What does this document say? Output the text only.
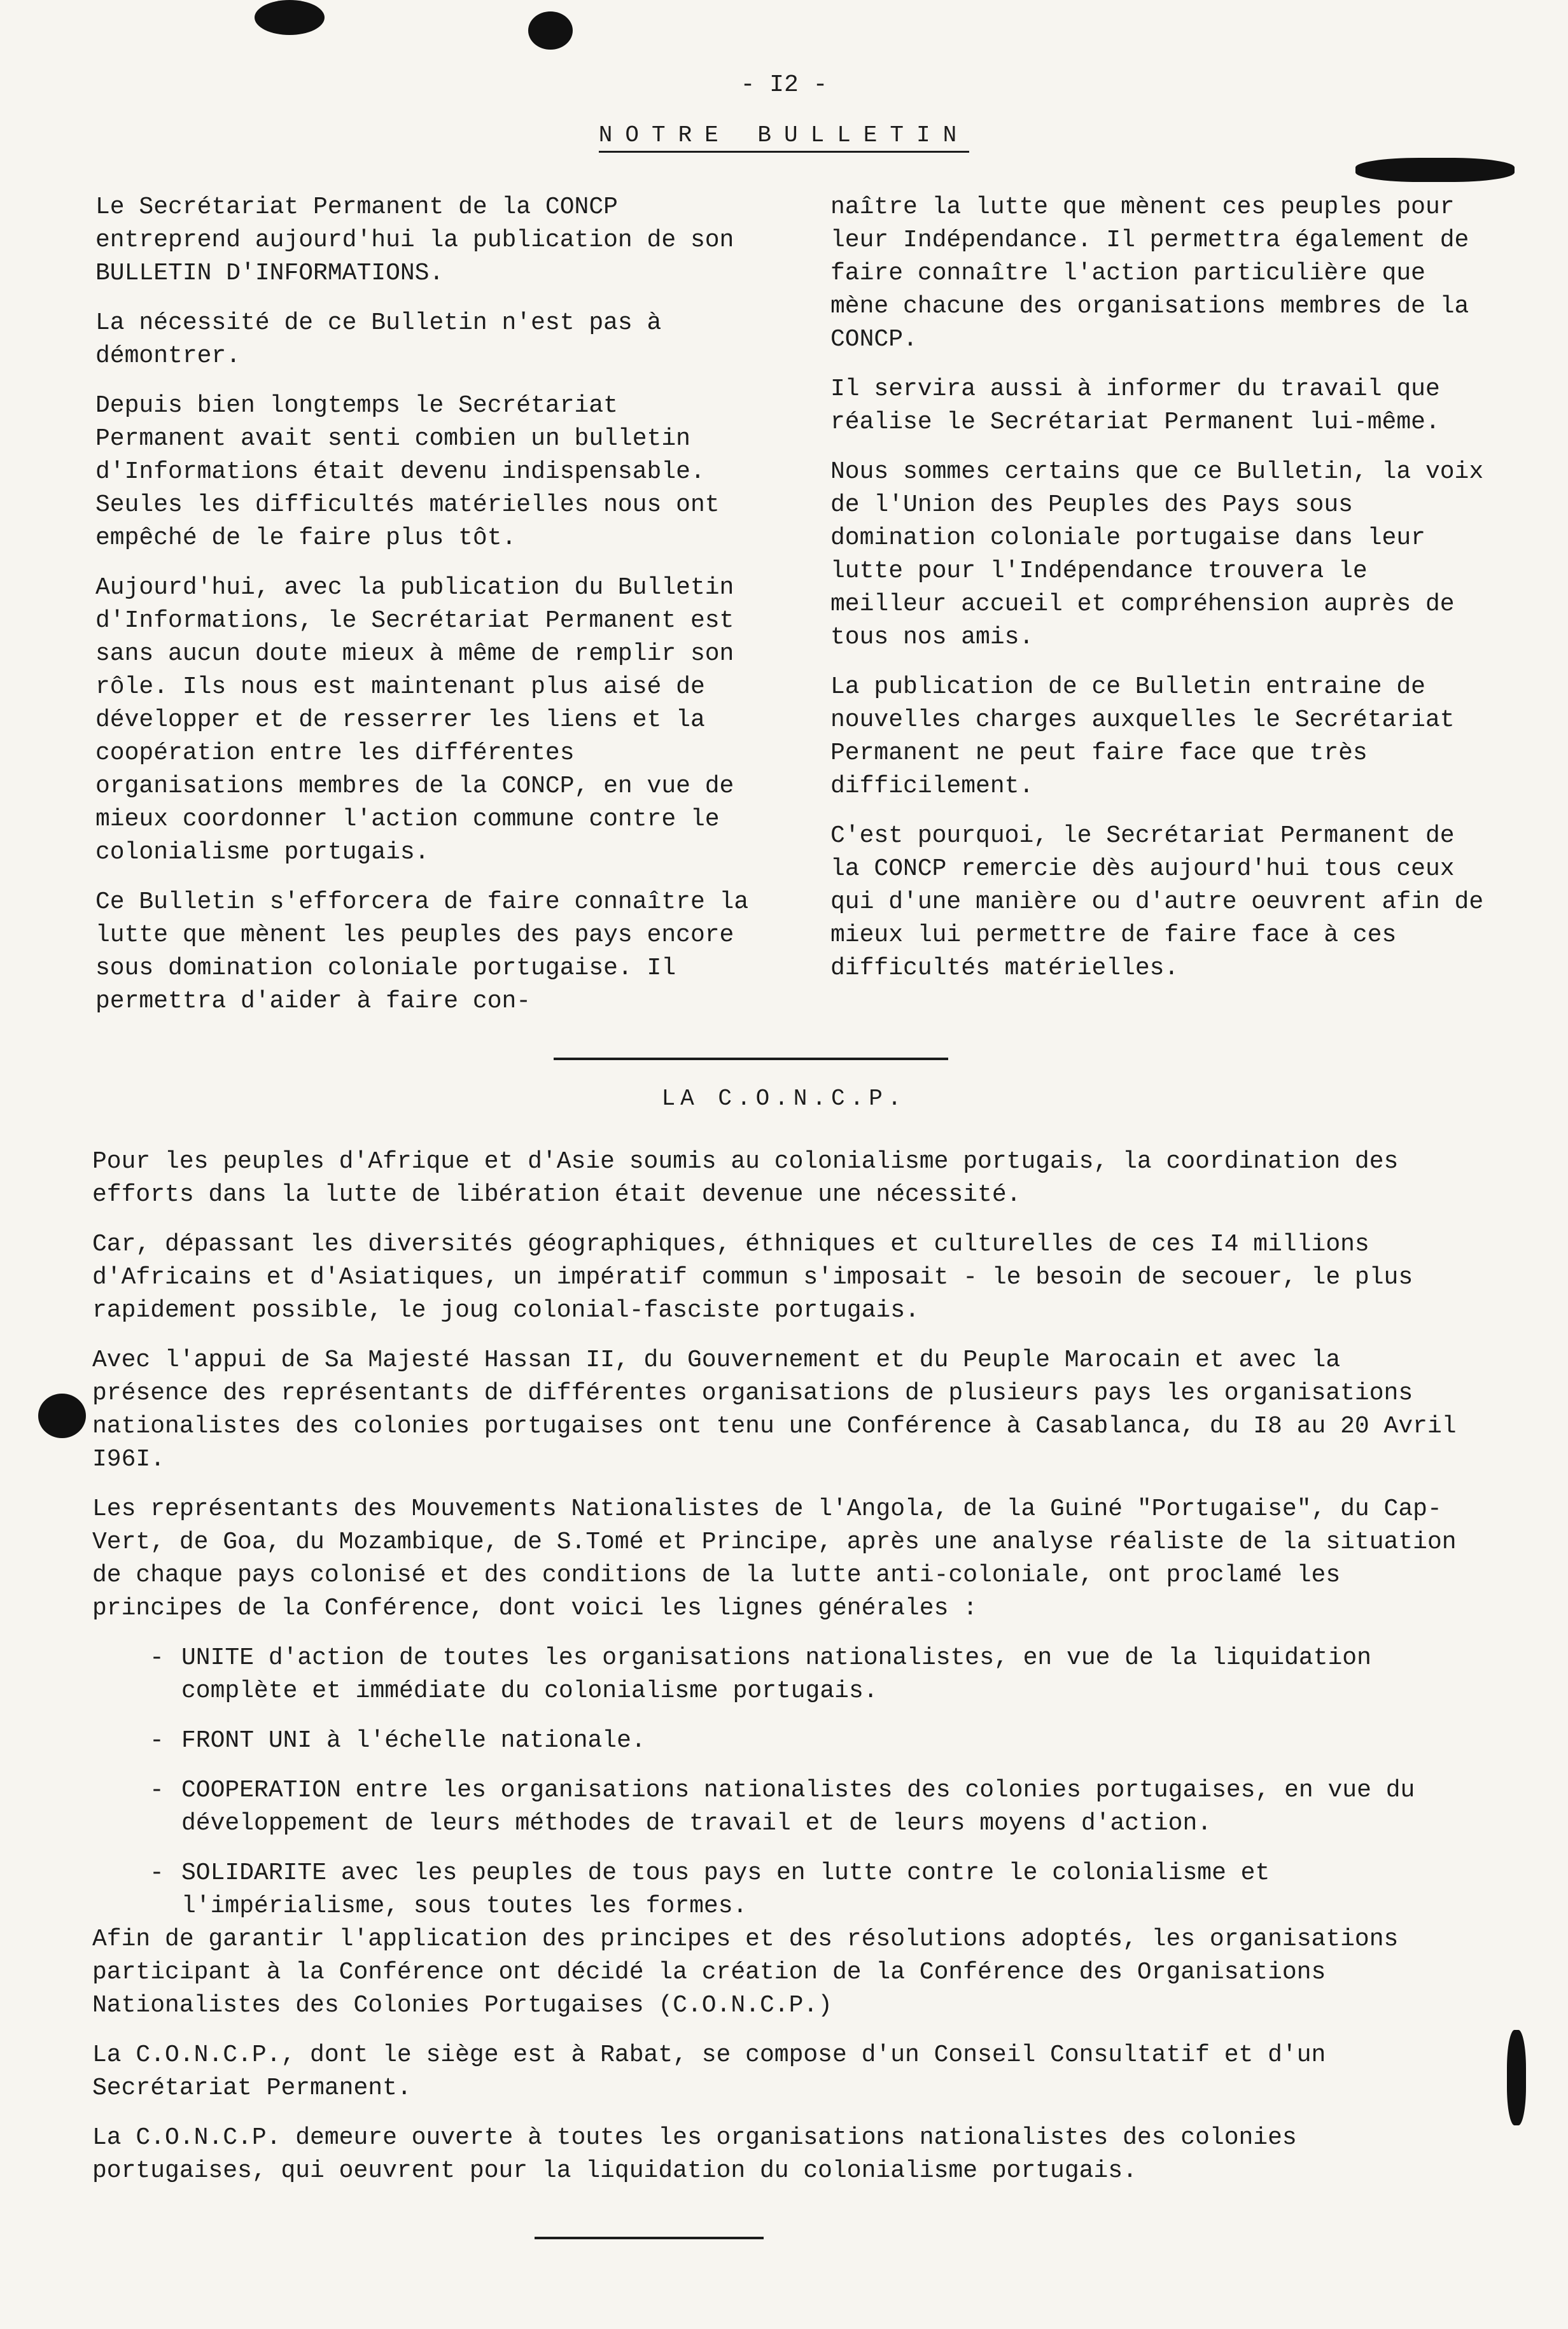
- I2 -
NOTRE BULLETIN

Le Secrétariat Permanent de la CONCP entreprend aujourd'hui la publication de son BULLETIN D'INFORMATIONS.

La nécessité de ce Bulletin n'est pas à démontrer.

Depuis bien longtemps le Secrétariat Permanent avait senti combien un bulletin d'Informations était devenu indispensable. Seules les difficultés matérielles nous ont empêché de le faire plus tôt.

Aujourd'hui, avec la publication du Bulletin d'Informations, le Secrétariat Permanent est sans aucun doute mieux à même de remplir son rôle. Ils nous est maintenant plus aisé de développer et de resserrer les liens et la coopération entre les différentes organisations membres de la CONCP, en vue de mieux coordonner l'action commune contre le colonialisme portugais.

Ce Bulletin s'efforcera de faire connaître la lutte que mènent les peuples des pays encore sous domination coloniale portugaise. Il permettra d'aider à faire con-

naître la lutte que mènent ces peuples pour leur Indépendance. Il permettra également de faire connaître l'action particulière que mène chacune des organisations membres de la CONCP.

Il servira aussi à informer du travail que réalise le Secrétariat Permanent lui-même.

Nous sommes certains que ce Bulletin, la voix de l'Union des Peuples des Pays sous domination coloniale portugaise dans leur lutte pour l'Indépendance trouvera le meilleur accueil et compréhension auprès de tous nos amis.

La publication de ce Bulletin entraine de nouvelles charges auxquelles le Secrétariat Permanent ne peut faire face que très difficilement.

C'est pourquoi, le Secrétariat Permanent de la CONCP remercie dès aujourd'hui tous ceux qui d'une manière ou d'autre oeuvrent afin de mieux lui permettre de faire face à ces difficultés matérielles.

LA C.O.N.C.P.

Pour les peuples d'Afrique et d'Asie soumis au colonialisme portugais, la coordination des efforts dans la lutte de libération était devenue une nécessité.

Car, dépassant les diversités géographiques, éthniques et culturelles de ces I4 millions d'Africains et d'Asiatiques, un impératif commun s'imposait - le besoin de secouer, le plus rapidement possible, le joug colonial-fasciste portugais.

Avec l'appui de Sa Majesté Hassan II, du Gouvernement et du Peuple Marocain et avec la présence des représentants de différentes organisations de plusieurs pays les organisations nationalistes des colonies portugaises ont tenu une Conférence à Casablanca, du I8 au 20 Avril I96I.

Les représentants des Mouvements Nationalistes de l'Angola, de la Guiné "Portugaise", du Cap-Vert, de Goa, du Mozambique, de S.Tomé et Principe, après une analyse réaliste de la situation de chaque pays colonisé et des conditions de la lutte anti-coloniale, ont proclamé les principes de la Conférence, dont voici les lignes générales :

- UNITE d'action de toutes les organisations nationalistes, en vue de la liquidation complète et immédiate du colonialisme portugais.
- FRONT UNI à l'échelle nationale.
- COOPERATION entre les organisations nationalistes des colonies portugaises, en vue du développement de leurs méthodes de travail et de leurs moyens d'action.
- SOLIDARITE avec les peuples de tous pays en lutte contre le colonialisme et l'impérialisme, sous toutes les formes.

Afin de garantir l'application des principes et des résolutions adoptés, les organisations participant à la Conférence ont décidé la création de la Conférence des Organisations Nationalistes des Colonies Portugaises (C.O.N.C.P.)

La C.O.N.C.P., dont le siège est à Rabat, se compose d'un Conseil Consultatif et d'un Secrétariat Permanent.

La C.O.N.C.P. demeure ouverte à toutes les organisations nationalistes des colonies portugaises, qui oeuvrent pour la liquidation du colonialisme portugais.
